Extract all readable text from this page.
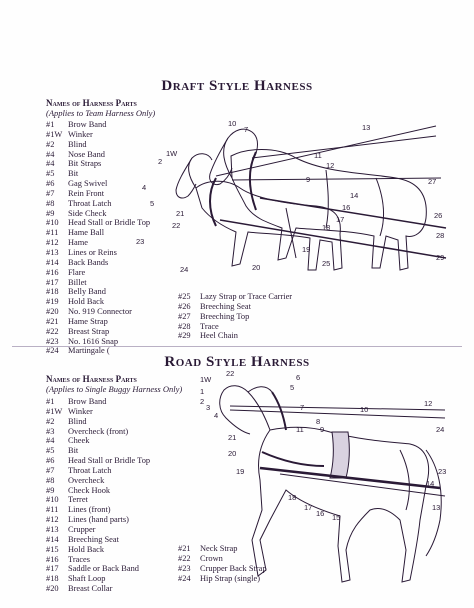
Draft Style Harness
Names of Harness Parts
(Applies to Team Harness Only)
#1	Brow Band
#1W Winker
#2	Blind
#4	Nose Band
#4	Bit Straps
#5	Bit
#6	Gag Swivel
#7	Rein Front
#8	Throat Latch
#9	Side Check
#10	Head Stall or Bridle Top
#11	Hame Ball
#12	Hame
#13	Lines or Reins
#14	Back Bands
#16	Flare
#17	Billet
#18	Belly Band
#19	Hold Back
#20	No. 919 Connector
#21	Hame Strap
#22	Breast Strap
#23	No. 1616 Snap
#24	Martingale (
#25	Lazy Strap or Trace Carrier
#26	Breeching Seat
#27	Breeching Top
#28	Trace
#29	Heel Chain
10
7
1W
2
4
5
21
22
23
24
9
11
12
13
14
16
17
18
19
20	25
26
27
28
29
Road Style Harness
Names of Harness Parts
(Applies to Single Buggy Harness Only)
#1	Brow Band
#1W Winker
#2	Blind
#3	Overcheck (front)
#4	Cheek
#5	Bit
#6	Head Stall or Bridle Top
#7	Throat Latch
#8	Overcheck
#9	Check Hook
#10	Terret
#11	Lines (front)
#12	Lines (hand parts)
#13	Crupper
#14	Breeching Seat
#15	Hold Back
#16	Traces
#17	Saddle or Back Band
#18	Shaft Loop
#20	Breast Collar
#21	Neck Strap
#22	Crown
#23	Crupper Back Strap
#24	Hip Strap (single)
22	6
5
1W
1
2
3
4
7
8
9
10
12
11
21
20
19
18
17
16 15
14
23
24
13
